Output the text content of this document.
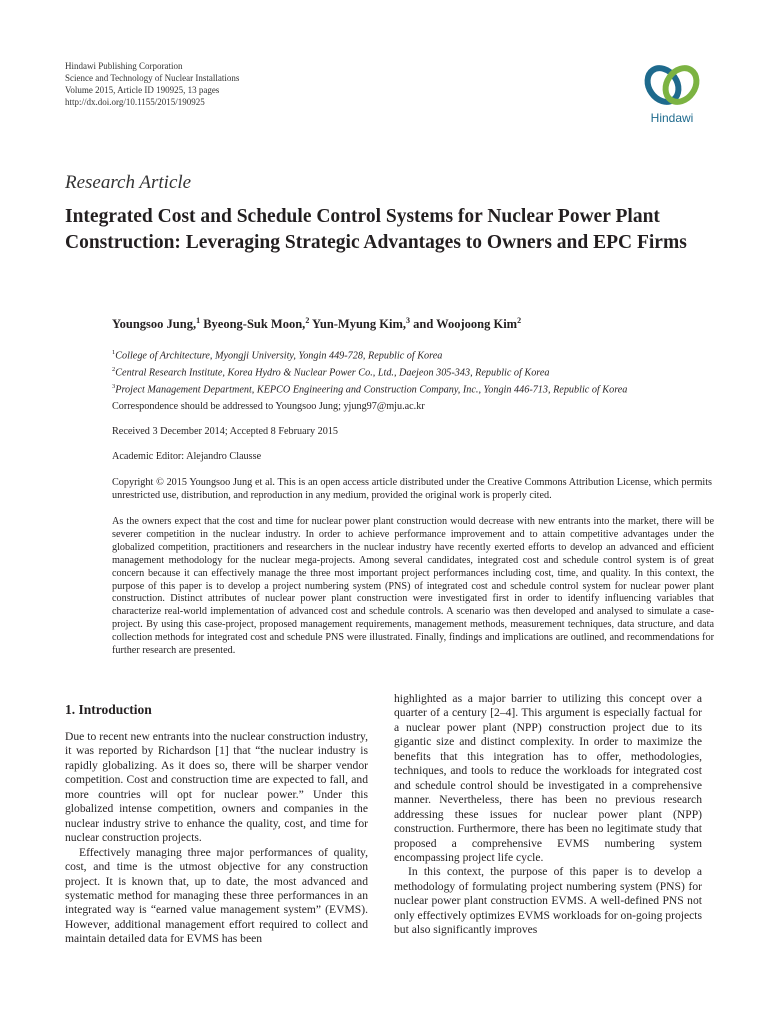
Hindawi Publishing Corporation
Science and Technology of Nuclear Installations
Volume 2015, Article ID 190925, 13 pages
http://dx.doi.org/10.1155/2015/190925
Hindawi
Research Article
Integrated Cost and Schedule Control Systems for Nuclear Power Plant Construction: Leveraging Strategic Advantages to Owners and EPC Firms
Youngsoo Jung,$^1$ Byeong-Suk Moon,$^2$ Yun-Myung Kim,$^3$ and Woojoong Kim$^2$
$^1$College of Architecture, Myongji University, Yongin 449-728, Republic of Korea
$^2$Central Research Institute, Korea Hydro & Nuclear Power Co., Ltd., Daejeon 305-343, Republic of Korea
$^3$Project Management Department, KEPCO Engineering and Construction Company, Inc., Yongin 446-713, Republic of Korea
Correspondence should be addressed to Youngsoo Jung; yjung97@mju.ac.kr
Received 3 December 2014; Accepted 8 February 2015
Academic Editor: Alejandro Clausse
Copyright © 2015 Youngsoo Jung et al. This is an open access article distributed under the Creative Commons Attribution License, which permits unrestricted use, distribution, and reproduction in any medium, provided the original work is properly cited.
As the owners expect that the cost and time for nuclear power plant construction would decrease with new entrants into the market, there will be severer competition in the nuclear industry. In order to achieve performance improvement and to attain competitive advantages under the globalized competition, practitioners and researchers in the nuclear industry have recently exerted efforts to develop an advanced and efficient management methodology for the nuclear mega-projects. Among several candidates, integrated cost and schedule control system is of great concern because it can effectively manage the three most important project performances including cost, time, and quality. In this context, the purpose of this paper is to develop a project numbering system (PNS) of integrated cost and schedule control system for nuclear power plant construction. Distinct attributes of nuclear power plant construction were investigated first in order to identify influencing variables that characterize real-world implementation of advanced cost and schedule controls. A scenario was then developed and analysed to simulate a case-project. By using this case-project, proposed management requirements, management methods, measurement techniques, data structure, and data collection methods for integrated cost and schedule PNS were illustrated. Finally, findings and implications are outlined, and recommendations for further research are presented.
1. Introduction

Due to recent new entrants into the nuclear construction industry, it was reported by Richardson [1] that “the nuclear industry is rapidly globalizing. As it does so, there will be sharper vendor competition. Cost and construction time are expected to fall, and more countries will opt for nuclear power.” Under this globalized intense competition, owners and companies in the nuclear industry strive to enhance the quality, cost, and time for nuclear construction projects.

Effectively managing three major performances of quality, cost, and time is the utmost objective for any construction project. It is known that, up to date, the most advanced and systematic method for managing these three performances in an integrated way is “earned value management system” (EVMS). However, additional management effort required to collect and maintain detailed data for EVMS has been

highlighted as a major barrier to utilizing this concept over a quarter of a century [2–4]. This argument is especially factual for a nuclear power plant (NPP) construction project due to its gigantic size and distinct complexity. In order to maximize the benefits that this integration has to offer, methodologies, techniques, and tools to reduce the workloads for integrated cost and schedule control should be investigated in a comprehensive manner. Nevertheless, there has been no previous research addressing these issues for nuclear power plant (NPP) construction. Furthermore, there has been no legitimate study that proposed a comprehensive EVMS numbering system encompassing project life cycle.

In this context, the purpose of this paper is to develop a methodology of formulating project numbering system (PNS) for nuclear power plant construction EVMS. A well-defined PNS not only effectively optimizes EVMS workloads for on-going projects but also significantly improves
